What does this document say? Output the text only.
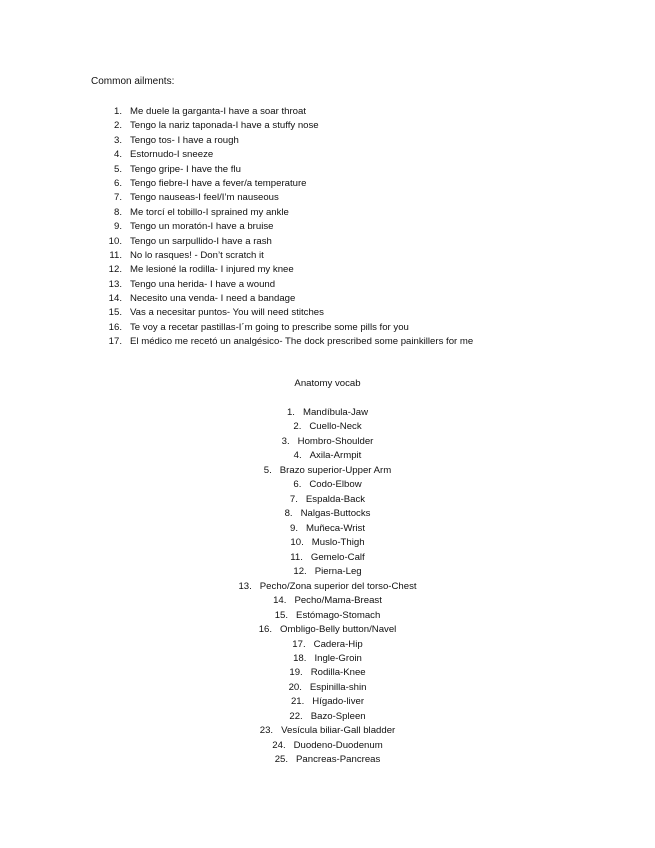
Common ailments:
1. Me duele la garganta-I have a soar throat
2. Tengo la nariz taponada-I have a stuffy nose
3. Tengo tos- I have a rough
4. Estornudo-I sneeze
5. Tengo gripe- I have the flu
6. Tengo fiebre-I have a fever/a temperature
7. Tengo nauseas-I feel/I’m nauseous
8. Me torcí el tobillo-I sprained my ankle
9. Tengo un moratón-I have a bruise
10. Tengo un sarpullido-I have a rash
11. No lo rasques! - Don’t scratch it
12. Me lesioné la rodilla- I injured my knee
13. Tengo una herida- I have a wound
14. Necesito una venda- I need a bandage
15. Vas a necesitar puntos- You will need stitches
16. Te voy a recetar pastillas-I´m going to prescribe some pills for you
17. El médico me recetó un analgésico- The dock prescribed some painkillers for me
Anatomy vocab
1. Mandíbula-Jaw
2. Cuello-Neck
3. Hombro-Shoulder
4. Axila-Armpit
5. Brazo superior-Upper Arm
6. Codo-Elbow
7. Espalda-Back
8. Nalgas-Buttocks
9. Muñeca-Wrist
10. Muslo-Thigh
11. Gemelo-Calf
12. Pierna-Leg
13. Pecho/Zona superior del torso-Chest
14. Pecho/Mama-Breast
15. Estómago-Stomach
16. Ombligo-Belly button/Navel
17. Cadera-Hip
18. Ingle-Groin
19. Rodilla-Knee
20. Espinilla-shin
21. Hígado-liver
22. Bazo-Spleen
23. Vesícula biliar-Gall bladder
24. Duodeno-Duodenum
25. Pancreas-Pancreas
